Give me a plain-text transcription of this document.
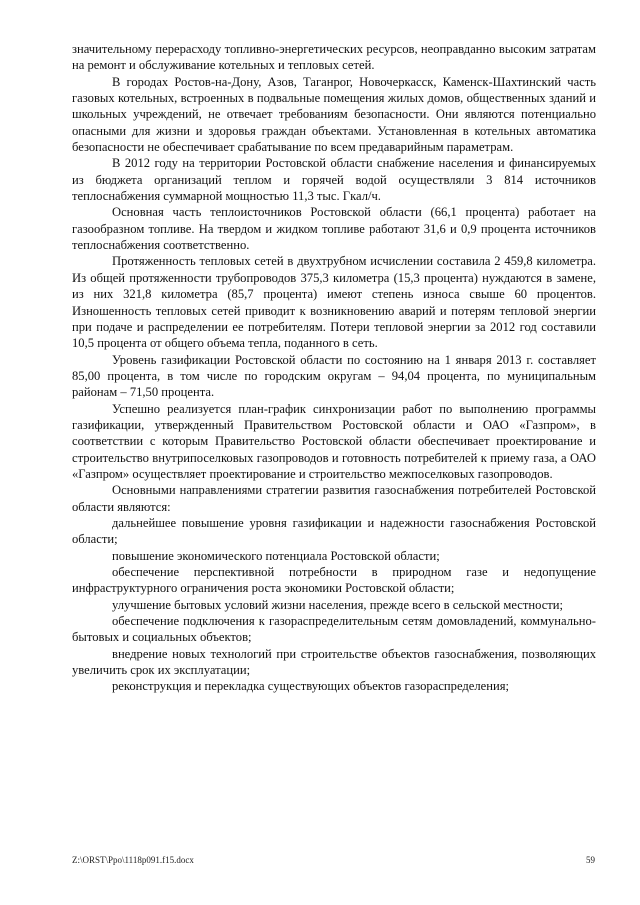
значительному перерасходу топливно-энергетических ресурсов, неоправданно высоким затратам на ремонт и обслуживание котельных и тепловых сетей.

В городах Ростов-на-Дону, Азов, Таганрог, Новочеркасск, Каменск-Шахтинский часть газовых котельных, встроенных в подвальные помещения жилых домов, общественных зданий и школьных учреждений, не отвечает требованиям безопасности. Они являются потенциально опасными для жизни и здоровья граждан объектами. Установленная в котельных автоматика безопасности не обеспечивает срабатывание по всем предаварийным параметрам.

В 2012 году на территории Ростовской области снабжение населения и финансируемых из бюджета организаций теплом и горячей водой осуществляли 3 814 источников теплоснабжения суммарной мощностью 11,3 тыс. Гкал/ч.

Основная часть теплоисточников Ростовской области (66,1 процента) работает на газообразном топливе. На твердом и жидком топливе работают 31,6 и 0,9 процента источников теплоснабжения соответственно.

Протяженность тепловых сетей в двухтрубном исчислении составила 2 459,8 километра. Из общей протяженности трубопроводов 375,3 километра (15,3 процента) нуждаются в замене, из них 321,8 километра (85,7 процента) имеют степень износа свыше 60 процентов. Изношенность тепловых сетей приводит к возникновению аварий и потерям тепловой энергии при подаче и распределении ее потребителям. Потери тепловой энергии за 2012 год составили 10,5 процента от общего объема тепла, поданного в сеть.

Уровень газификации Ростовской области по состоянию на 1 января 2013 г. составляет 85,00 процента, в том числе по городским округам – 94,04 процента, по муниципальным районам – 71,50 процента.

Успешно реализуется план-график синхронизации работ по выполнению программы газификации, утвержденный Правительством Ростовской области и ОАО «Газпром», в соответствии с которым Правительство Ростовской области обеспечивает проектирование и строительство внутрипоселковых газопроводов и готовность потребителей к приему газа, а ОАО «Газпром» осуществляет проектирование и строительство межпоселковых газопроводов.

Основными направлениями стратегии развития газоснабжения потребителей Ростовской области являются:

дальнейшее повышение уровня газификации и надежности газоснабжения Ростовской области;

повышение экономического потенциала Ростовской области;

обеспечение перспективной потребности в природном газе и недопущение инфраструктурного ограничения роста экономики Ростовской области;

улучшение бытовых условий жизни населения, прежде всего в сельской местности;

обеспечение подключения к газораспределительным сетям домовладений, коммунально-бытовых и социальных объектов;

внедрение новых технологий при строительстве объектов газоснабжения, позволяющих увеличить срок их эксплуатации;

реконструкция и перекладка существующих объектов газораспределения;

Z:\ORST\Ppo\1118p091.f15.docx	59
